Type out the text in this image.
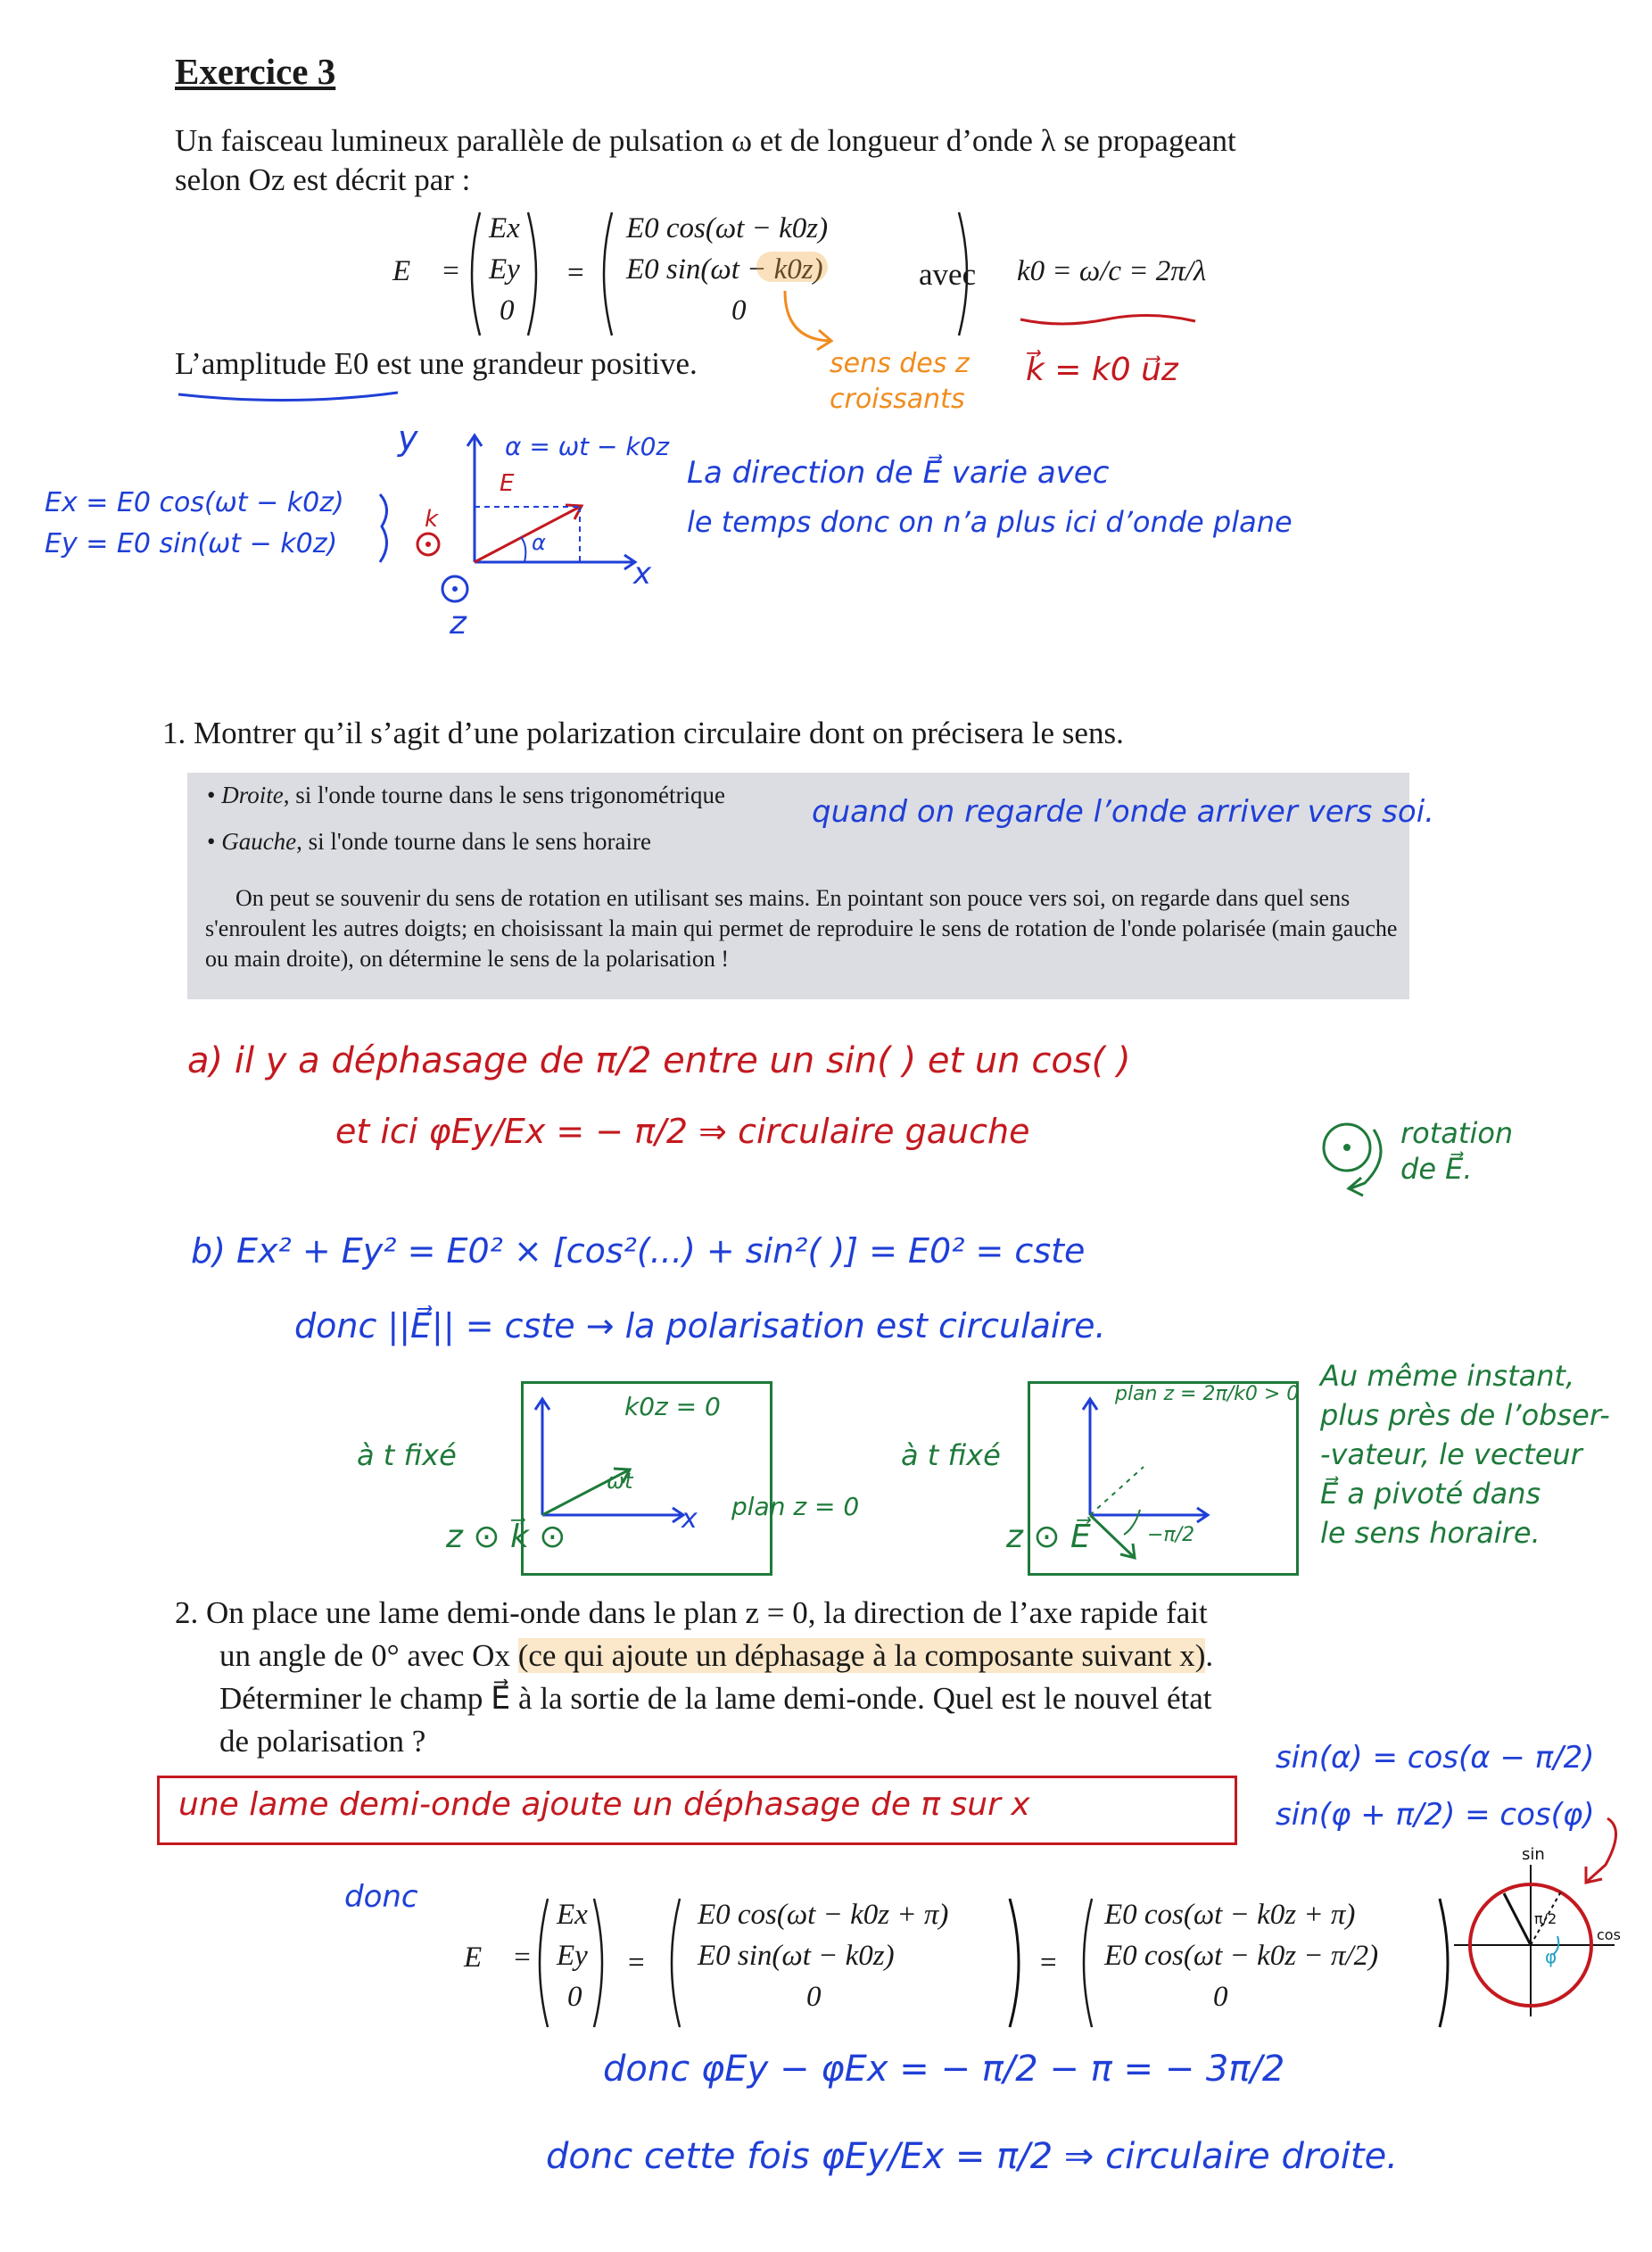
Exercice 3
Un faisceau lumineux parallèle de pulsation ω et de longueur d’onde λ se propageant
selon Oz est décrit par :
E⃗ =	=
Ex
Ey
0
E0 cos(ωt − k0z)
E0 sin(ωt − k0z)
0
avec k0 = ω/c = 2π/λ
L’amplitude E0 est une grandeur positive.	sens des z croissants
k⃗ = k0 u⃗z
Ex = E0 cos(ωt − k0z)
Ey = E0 sin(ωt − k0z)
y
k
x
z
E
α
α = ωt − k0z
La direction de E⃗ varie avec
le temps donc on n’a plus ici d’onde plane
1. Montrer qu’il s’agit d’une polarization circulaire dont on précisera le sens.
• Droite, si l'onde tourne dans le sens trigonométrique
• Gauche, si l'onde tourne dans le sens horaire
On peut se souvenir du sens de rotation en utilisant ses mains. En pointant son pouce vers soi, on regarde dans quel sens s'enroulent les autres doigts; en choisissant la main qui permet de reproduire le sens de rotation de l'onde polarisée (main gauche ou main droite), on détermine le sens de la polarisation !
quand on regarde l’onde arriver vers soi.
a) il y a déphasage de π/2 entre un sin( ) et un cos( )
et ici φEy/Ex = − π/2 ⇒ circulaire gauche	rotation de E⃗.
b) Ex² + Ey² = E0² × [cos²(...) + sin²( )] = E0² = cste
donc ||E⃗|| = cste → la polarisation est circulaire.
à t fixé
x
k0z = 0
ωt
plan z = 0
z ⊙ k⃗ ⊙
à t fixé
plan z = 2π/k0 > 0
−π/2
z ⊙ E⃗
Au même instant,
plus près de l’obser-
-vateur, le vecteur
E⃗ a pivoté dans
le sens horaire.
2. On place une lame demi-onde dans le plan z = 0, la direction de l’axe rapide fait
un angle de 0° avec Ox (ce qui ajoute un déphasage à la composante suivant x).
Déterminer le champ E⃗ à la sortie de la lame demi-onde. Quel est le nouvel état
de polarisation ?
une lame demi-onde ajoute un déphasage de π sur x
sin(α) = cos(α − π/2)
sin(φ + π/2) = cos(φ)
donc
E⃗ =	=	=
Ex
Ey
0
E0 cos(ωt − k0z + π)
E0 sin(ωt − k0z)
0
E0 cos(ωt − k0z + π)
E0 cos(ωt − k0z − π/2)
0
sin
cos
π/2
φ
donc φEy − φEx = − π/2 − π = − 3π/2
donc cette fois φEy/Ex = π/2 ⇒ circulaire droite.
